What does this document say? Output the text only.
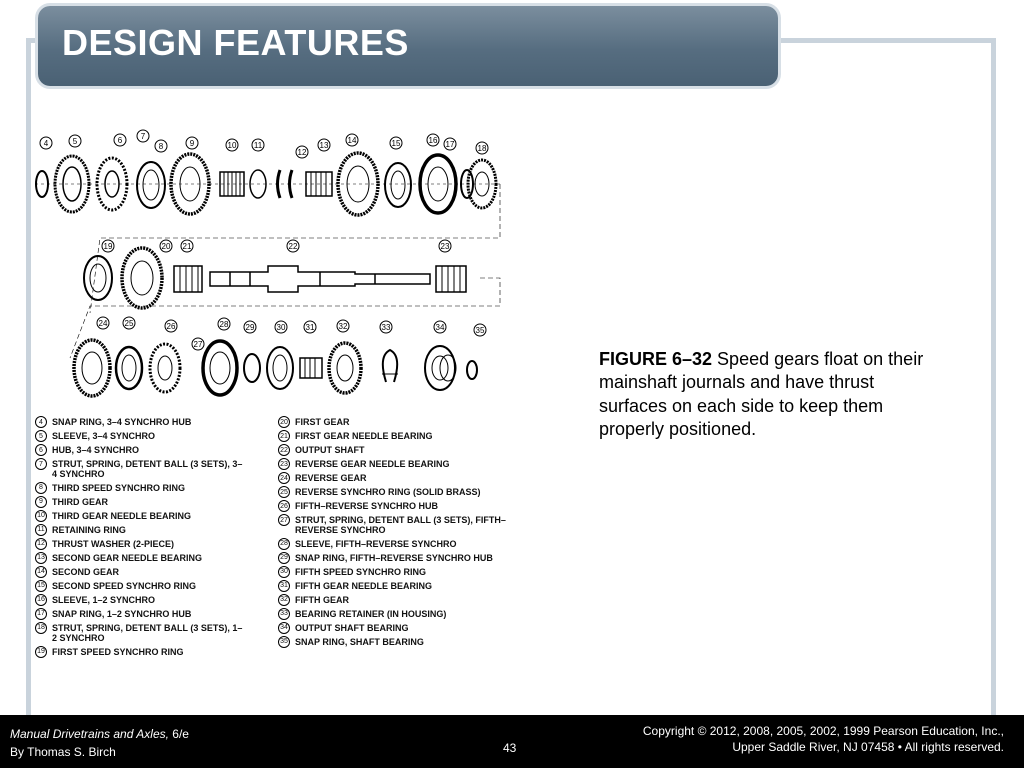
DESIGN FEATURES
4	5	6 7
8	9	10 11
12
13
14	15	16 17	18
19	20 21	22	23
24 25	26
27
28 29	30	31	32	33	34	35
4	SNAP RING, 3–4 SYNCHRO HUB
5	SLEEVE, 3–4 SYNCHRO
6	HUB, 3–4 SYNCHRO
7	STRUT, SPRING, DETENT BALL (3 SETS), 3–4 SYNCHRO
8	THIRD SPEED SYNCHRO RING
9	THIRD GEAR
10 THIRD GEAR NEEDLE BEARING
11 RETAINING RING
12 THRUST WASHER (2-PIECE)
13 SECOND GEAR NEEDLE BEARING
14 SECOND GEAR
15 SECOND SPEED SYNCHRO RING
16 SLEEVE, 1–2 SYNCHRO
17 SNAP RING, 1–2 SYNCHRO HUB
18 STRUT, SPRING, DETENT BALL (3 SETS), 1–2 SYNCHRO
19 FIRST SPEED SYNCHRO RING
20 FIRST GEAR
21 FIRST GEAR NEEDLE BEARING
22 OUTPUT SHAFT
23 REVERSE GEAR NEEDLE BEARING
24 REVERSE GEAR
25 REVERSE SYNCHRO RING (SOLID BRASS)
26 FIFTH–REVERSE SYNCHRO HUB
27 STRUT, SPRING, DETENT BALL (3 SETS), FIFTH–REVERSE SYNCHRO
28 SLEEVE, FIFTH–REVERSE SYNCHRO
29 SNAP RING, FIFTH–REVERSE SYNCHRO HUB
30 FIFTH SPEED SYNCHRO RING
31 FIFTH GEAR NEEDLE BEARING
32 FIFTH GEAR
33 BEARING RETAINER (IN HOUSING)
34 OUTPUT SHAFT BEARING
35 SNAP RING, SHAFT BEARING
FIGURE 6–32 Speed gears float on their mainshaft journals and have thrust surfaces on each side to keep them properly positioned.
Manual Drivetrains and Axles, 6/e
By Thomas S. Birch	43
Copyright © 2012, 2008, 2005, 2002, 1999 Pearson Education, Inc.,
Upper Saddle River, NJ 07458 • All rights reserved.
